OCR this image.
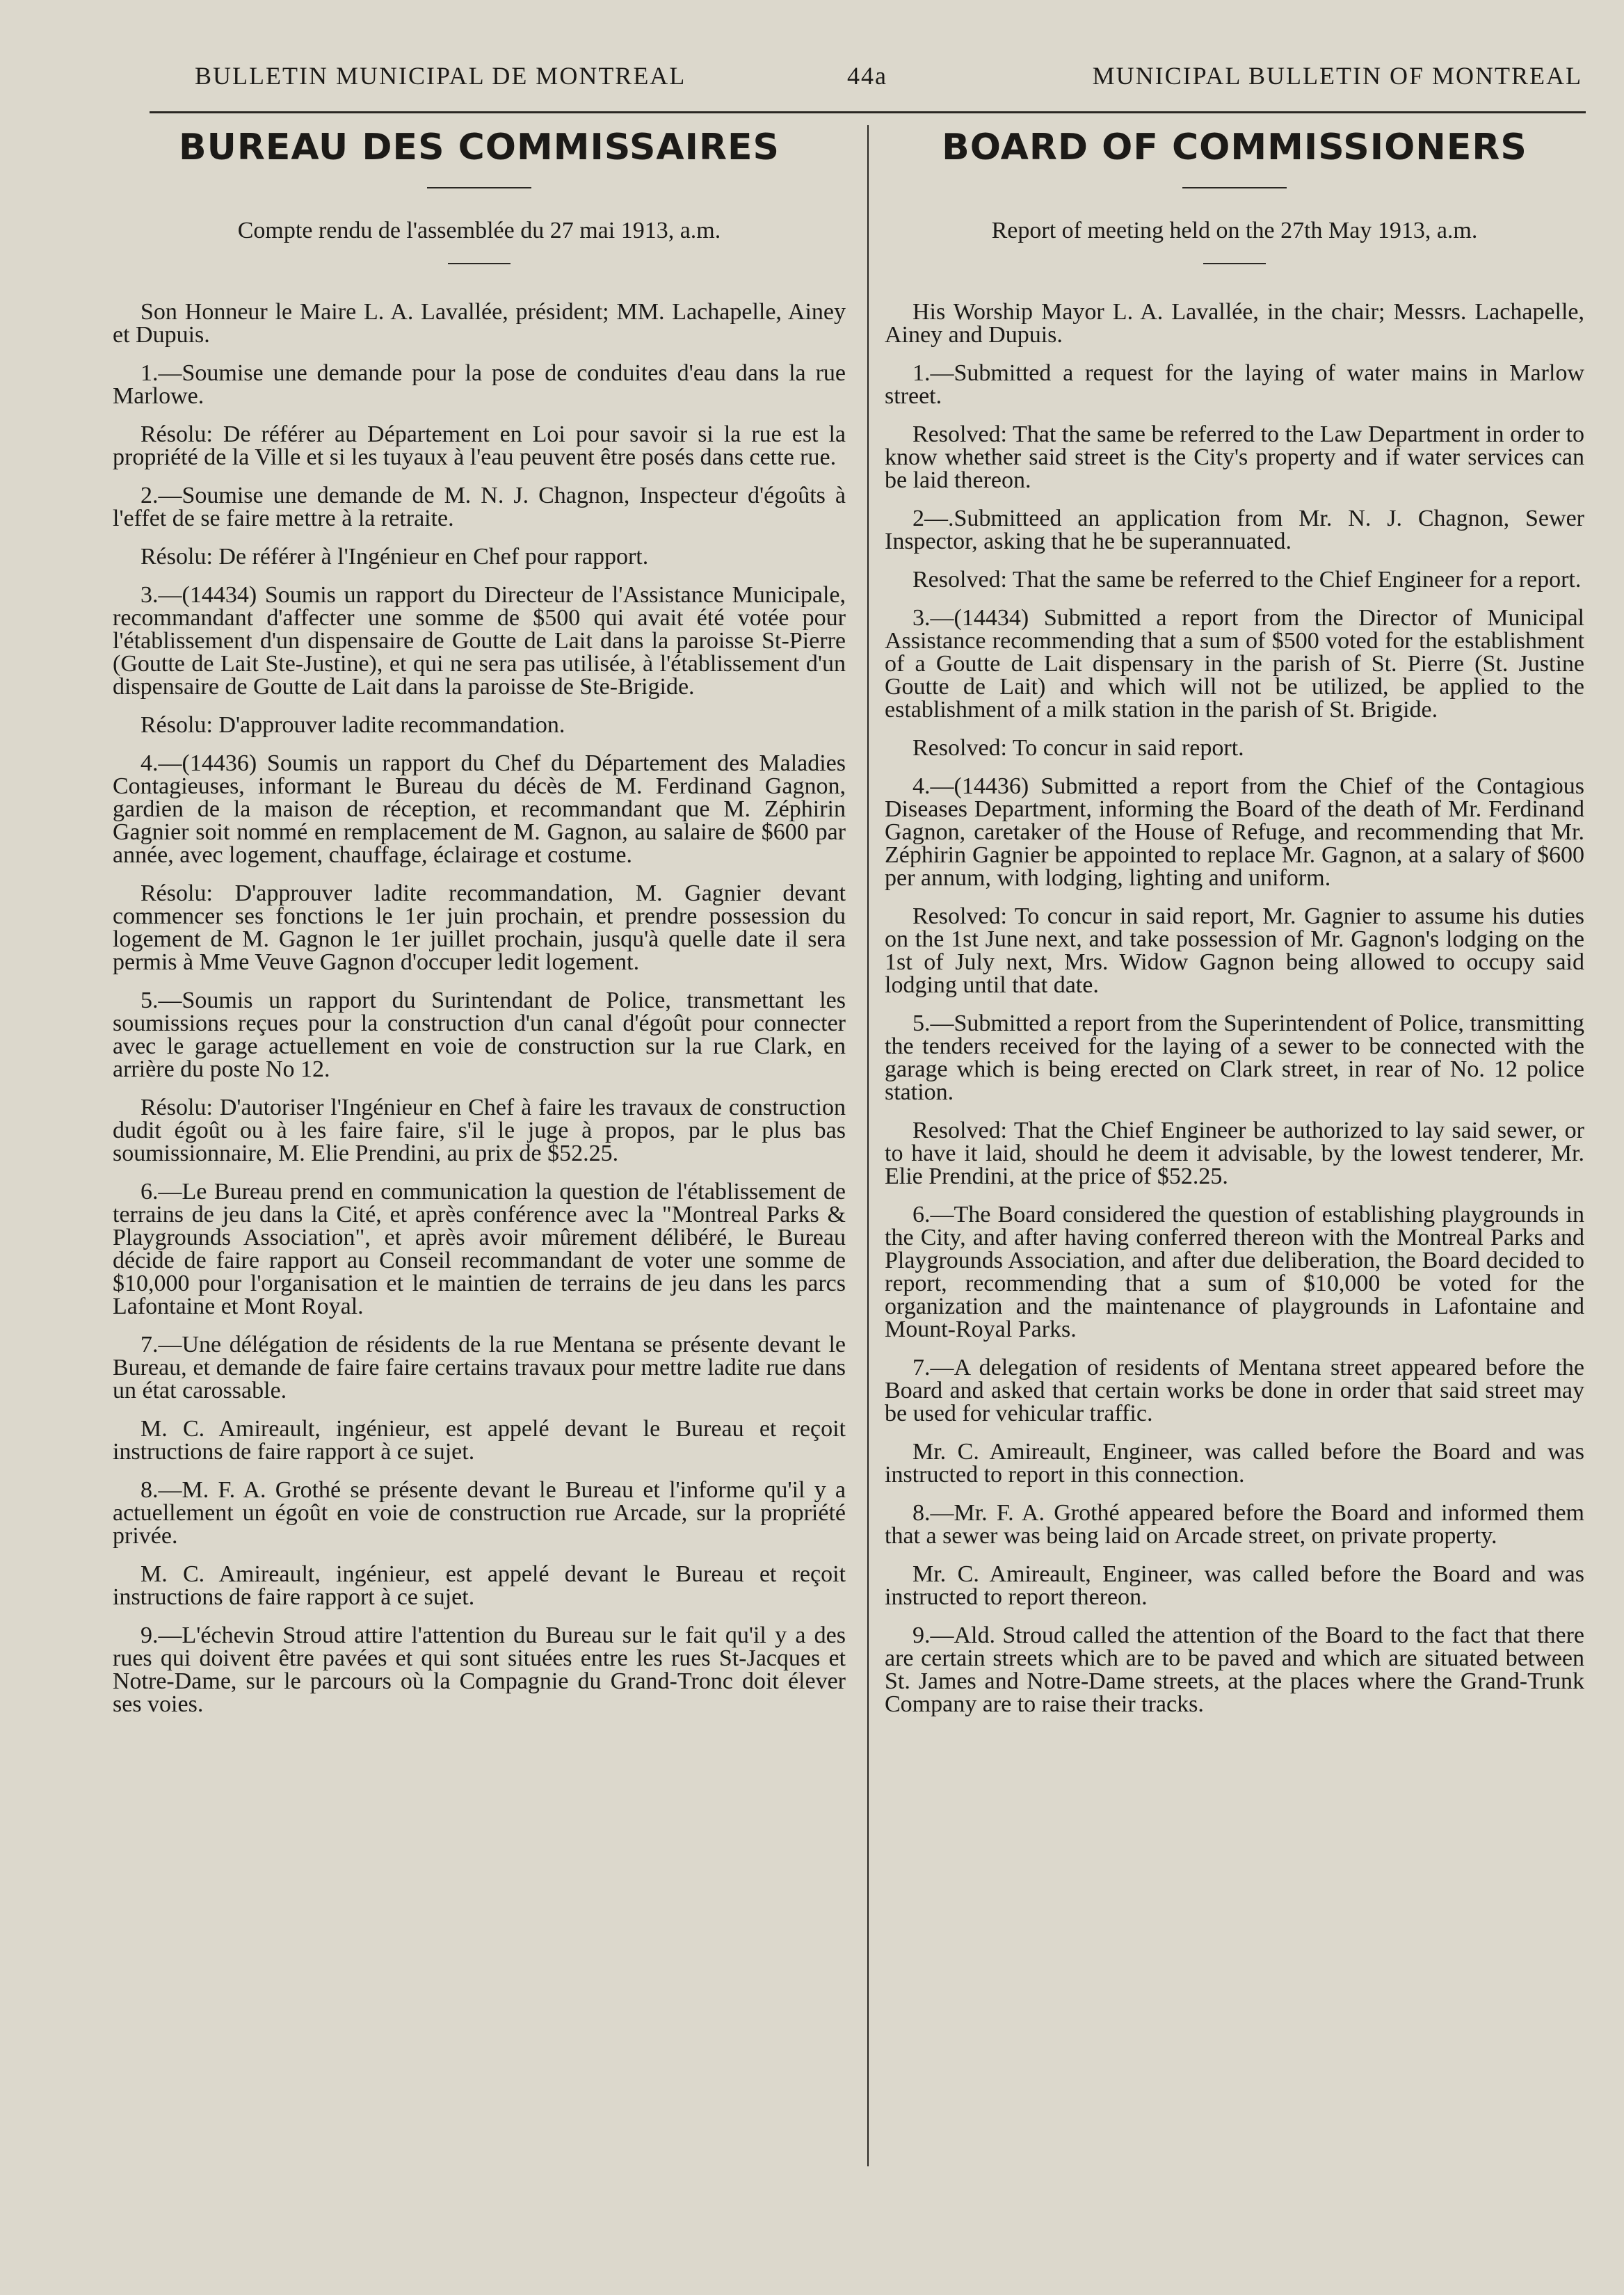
BULLETIN MUNICIPAL DE MONTREAL	44a	MUNICIPAL BULLETIN OF MONTREAL
BUREAU DES COMMISSAIRES
Compte rendu de l'assemblée du 27 mai 1913, a.m.

Son Honneur le Maire L. A. Lavallée, président; MM. Lachapelle, Ainey et Dupuis.

1.—Soumise une demande pour la pose de conduites d'eau dans la rue Marlowe.

Résolu: De référer au Département en Loi pour savoir si la rue est la propriété de la Ville et si les tuyaux à l'eau peuvent être posés dans cette rue.

2.—Soumise une demande de M. N. J. Chagnon, Inspecteur d'égoûts à l'effet de se faire mettre à la retraite.

Résolu: De référer à l'Ingénieur en Chef pour rapport.

3.—(14434) Soumis un rapport du Directeur de l'Assistance Municipale, recommandant d'affecter une somme de $500 qui avait été votée pour l'établissement d'un dispensaire de Goutte de Lait dans la paroisse St-Pierre (Goutte de Lait Ste-Justine), et qui ne sera pas utilisée, à l'établissement d'un dispensaire de Goutte de Lait dans la paroisse de Ste-Brigide.

Résolu: D'approuver ladite recommandation.

4.—(14436) Soumis un rapport du Chef du Département des Maladies Contagieuses, informant le Bureau du décès de M. Ferdinand Gagnon, gardien de la maison de réception, et recommandant que M. Zéphirin Gagnier soit nommé en remplacement de M. Gagnon, au salaire de $600 par année, avec logement, chauffage, éclairage et costume.

Résolu: D'approuver ladite recommandation, M. Gagnier devant commencer ses fonctions le 1er juin prochain, et prendre possession du logement de M. Gagnon le 1er juillet prochain, jusqu'à quelle date il sera permis à Mme Veuve Gagnon d'occuper ledit logement.

5.—Soumis un rapport du Surintendant de Police, transmettant les soumissions reçues pour la construction d'un canal d'égoût pour connecter avec le garage actuellement en voie de construction sur la rue Clark, en arrière du poste No 12.

Résolu: D'autoriser l'Ingénieur en Chef à faire les travaux de construction dudit égoût ou à les faire faire, s'il le juge à propos, par le plus bas soumissionnaire, M. Elie Prendini, au prix de $52.25.

6.—Le Bureau prend en communication la question de l'établissement de terrains de jeu dans la Cité, et après conférence avec la "Montreal Parks & Playgrounds Association", et après avoir mûrement délibéré, le Bureau décide de faire rapport au Conseil recommandant de voter une somme de $10,000 pour l'organisation et le maintien de terrains de jeu dans les parcs Lafontaine et Mont Royal.

7.—Une délégation de résidents de la rue Mentana se présente devant le Bureau, et demande de faire faire certains travaux pour mettre ladite rue dans un état carossable.

M. C. Amireault, ingénieur, est appelé devant le Bureau et reçoit instructions de faire rapport à ce sujet.

8.—M. F. A. Grothé se présente devant le Bureau et l'informe qu'il y a actuellement un égoût en voie de construction rue Arcade, sur la propriété privée.

M. C. Amireault, ingénieur, est appelé devant le Bureau et reçoit instructions de faire rapport à ce sujet.

9.—L'échevin Stroud attire l'attention du Bureau sur le fait qu'il y a des rues qui doivent être pavées et qui sont situées entre les rues St-Jacques et Notre-Dame, sur le parcours où la Compagnie du Grand-Tronc doit élever ses voies.

BOARD OF COMMISSIONERS
Report of meeting held on the 27th May 1913, a.m.

His Worship Mayor L. A. Lavallée, in the chair; Messrs. Lachapelle, Ainey and Dupuis.

1.—Submitted a request for the laying of water mains in Marlow street.

Resolved: That the same be referred to the Law Department in order to know whether said street is the City's property and if water services can be laid thereon.

2—.Submitteed an application from Mr. N. J. Chagnon, Sewer Inspector, asking that he be superannuated.

Resolved: That the same be referred to the Chief Engineer for a report.

3.—(14434) Submitted a report from the Director of Municipal Assistance recommending that a sum of $500 voted for the establishment of a Goutte de Lait dispensary in the parish of St. Pierre (St. Justine Goutte de Lait) and which will not be utilized, be applied to the establishment of a milk station in the parish of St. Brigide.

Resolved: To concur in said report.

4.—(14436) Submitted a report from the Chief of the Contagious Diseases Department, informing the Board of the death of Mr. Ferdinand Gagnon, caretaker of the House of Refuge, and recommending that Mr. Zéphirin Gagnier be appointed to replace Mr. Gagnon, at a salary of $600 per annum, with lodging, lighting and uniform.

Resolved: To concur in said report, Mr. Gagnier to assume his duties on the 1st June next, and take possession of Mr. Gagnon's lodging on the 1st of July next, Mrs. Widow Gagnon being allowed to occupy said lodging until that date.

5.—Submitted a report from the Superintendent of Police, transmitting the tenders received for the laying of a sewer to be connected with the garage which is being erected on Clark street, in rear of No. 12 police station.

Resolved: That the Chief Engineer be authorized to lay said sewer, or to have it laid, should he deem it advisable, by the lowest tenderer, Mr. Elie Prendini, at the price of $52.25.

6.—The Board considered the question of establishing playgrounds in the City, and after having conferred thereon with the Montreal Parks and Playgrounds Association, and after due deliberation, the Board decided to report, recommending that a sum of $10,000 be voted for the organization and the maintenance of playgrounds in Lafontaine and Mount-Royal Parks.

7.—A delegation of residents of Mentana street appeared before the Board and asked that certain works be done in order that said street may be used for vehicular traffic.

Mr. C. Amireault, Engineer, was called before the Board and was instructed to report in this connection.

8.—Mr. F. A. Grothé appeared before the Board and informed them that a sewer was being laid on Arcade street, on private property.

Mr. C. Amireault, Engineer, was called before the Board and was instructed to report thereon.

9.—Ald. Stroud called the attention of the Board to the fact that there are certain streets which are to be paved and which are situated between St. James and Notre-Dame streets, at the places where the Grand-Trunk Company are to raise their tracks.
